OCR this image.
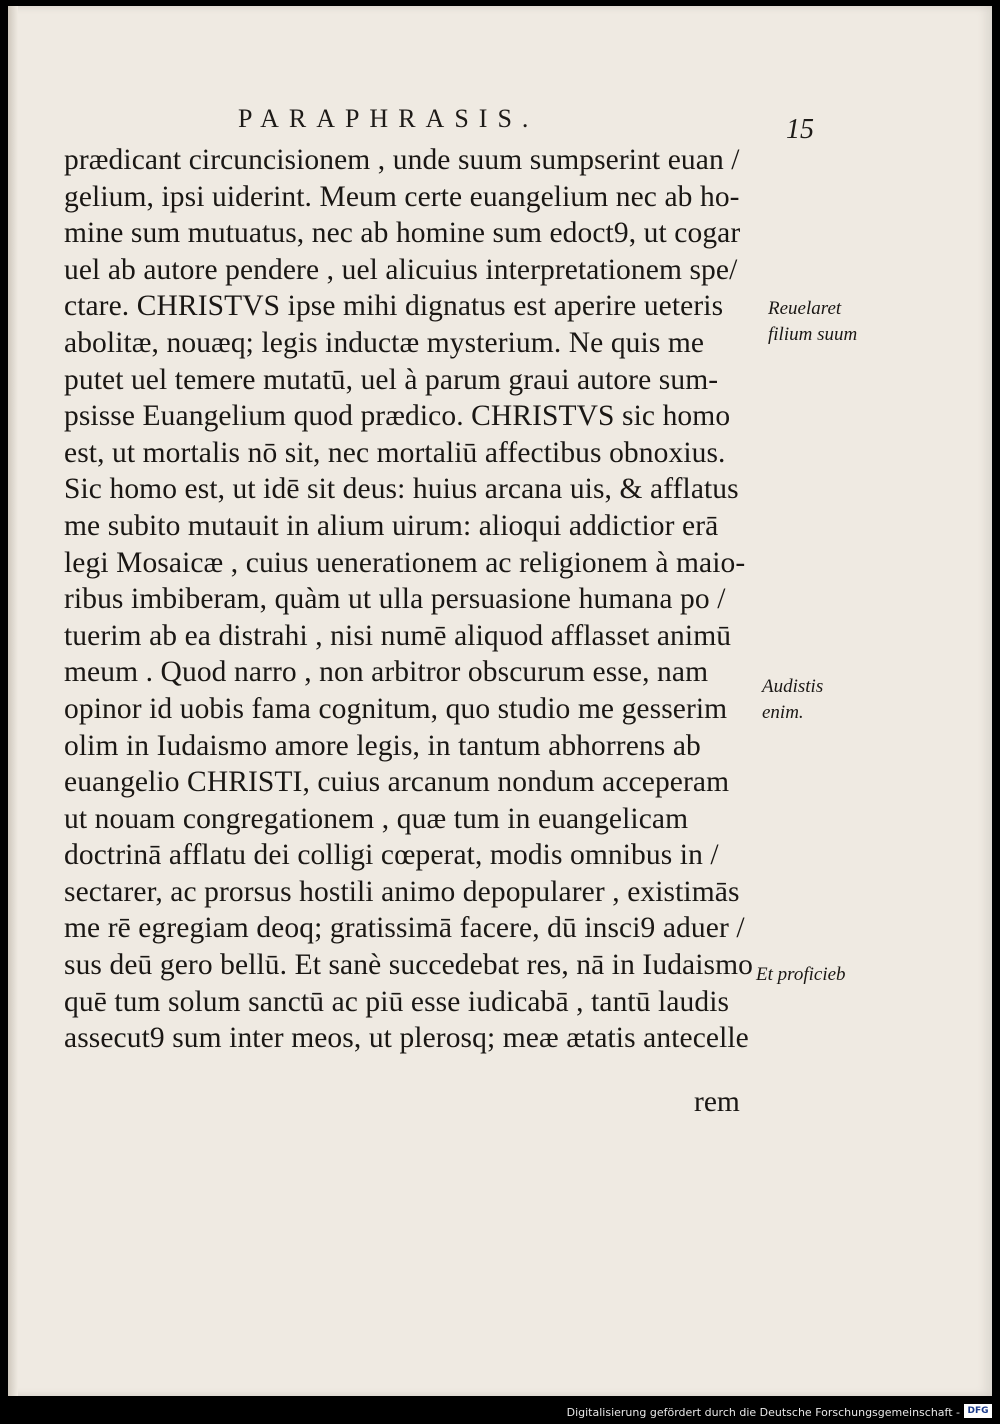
PARAPHRASIS.	15
prædicant circuncisionem , unde suum sumpserint euan /
gelium, ipsi uiderint. Meum certe euangelium nec ab ho-
mine sum mutuatus, nec ab homine sum edoct9, ut cogar
uel ab autore pendere , uel alicuius interpretationem spe/
ctare. CHRISTVS ipse mihi dignatus est aperire ueteris
abolitæ, nouæq; legis inductæ mysterium. Ne quis me
putet uel temere mutatū, uel à parum graui autore sum-
psisse Euangelium quod prædico. CHRISTVS sic homo
est, ut mortalis nō sit, nec mortaliū affectibus obnoxius.
Sic homo est, ut idē sit deus: huius arcana uis, & afflatus
me subito mutauit in alium uirum: alioqui addictior erā
legi Mosaicæ , cuius uenerationem ac religionem à maio-
ribus imbiberam, quàm ut ulla persuasione humana po /
tuerim ab ea distrahi , nisi numē aliquod afflasset animū
meum . Quod narro , non arbitror obscurum esse, nam
opinor id uobis fama cognitum, quo studio me gesserim
olim in Iudaismo amore legis, in tantum abhorrens ab
euangelio CHRISTI, cuius arcanum nondum acceperam
ut nouam congregationem , quæ tum in euangelicam
doctrinā afflatu dei colligi cœperat, modis omnibus in /
sectarer, ac prorsus hostili animo depopularer , existimās
me rē egregiam deoq; gratissimā facere, dū insci9 aduer /
sus deū gero bellū. Et sanè succedebat res, nā in Iudaismo
quē tum solum sanctū ac piū esse iudicabā , tantū laudis
assecut9 sum inter meos, ut plerosq; meæ ætatis antecelle
rem
Reuelaret
filium suum
Audistis
enim.
Et proficieb
Digitalisierung gefördert durch die Deutsche Forschungsgemeinschaft - DFG
